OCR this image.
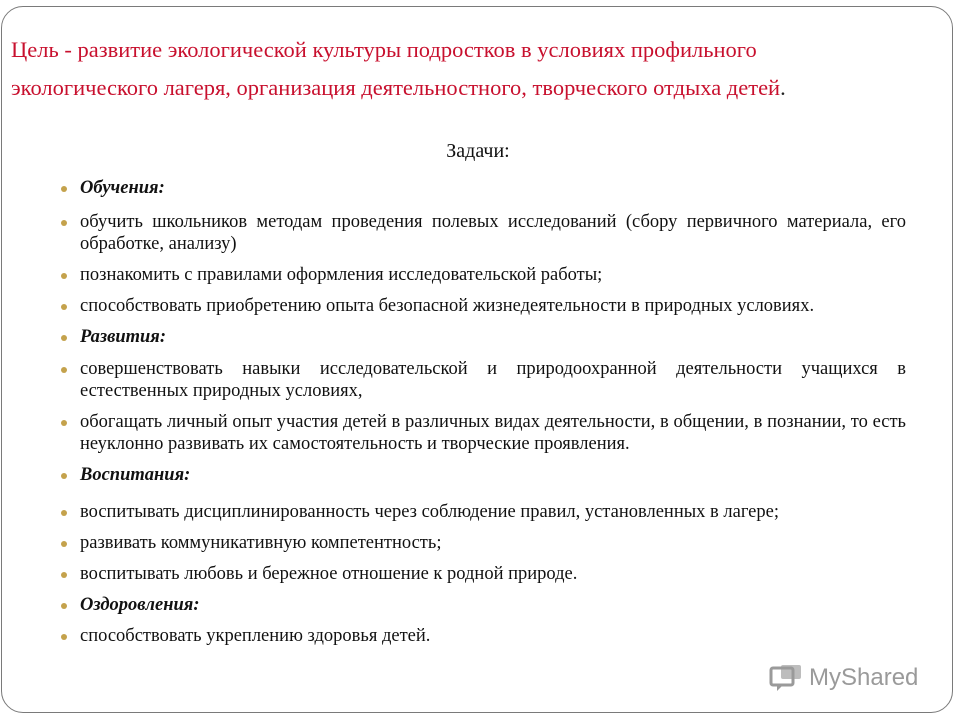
Цель - развитие экологической культуры подростков в условиях профильного
экологического лагеря, организация деятельностного, творческого отдыха детей.

Задачи:

Обучения:
обучить школьников методам проведения полевых исследований (сбору первичного материала, его обработке, анализу)
познакомить с правилами оформления исследовательской работы;
способствовать приобретению опыта безопасной жизнедеятельности в природных условиях.
Развития:
совершенствовать навыки исследовательской и природоохранной деятельности учащихся в естественных природных условиях,
обогащать личный опыт участия детей в различных видах деятельности, в общении, в познании, то есть неуклонно развивать их самостоятельность и творческие проявления.
Воспитания:
воспитывать дисциплинированность через соблюдение правил, установленных в лагере;
развивать коммуникативную компетентность;
воспитывать любовь и бережное отношение к родной природе.
Оздоровления:
способствовать укреплению здоровья детей.
MyShared
